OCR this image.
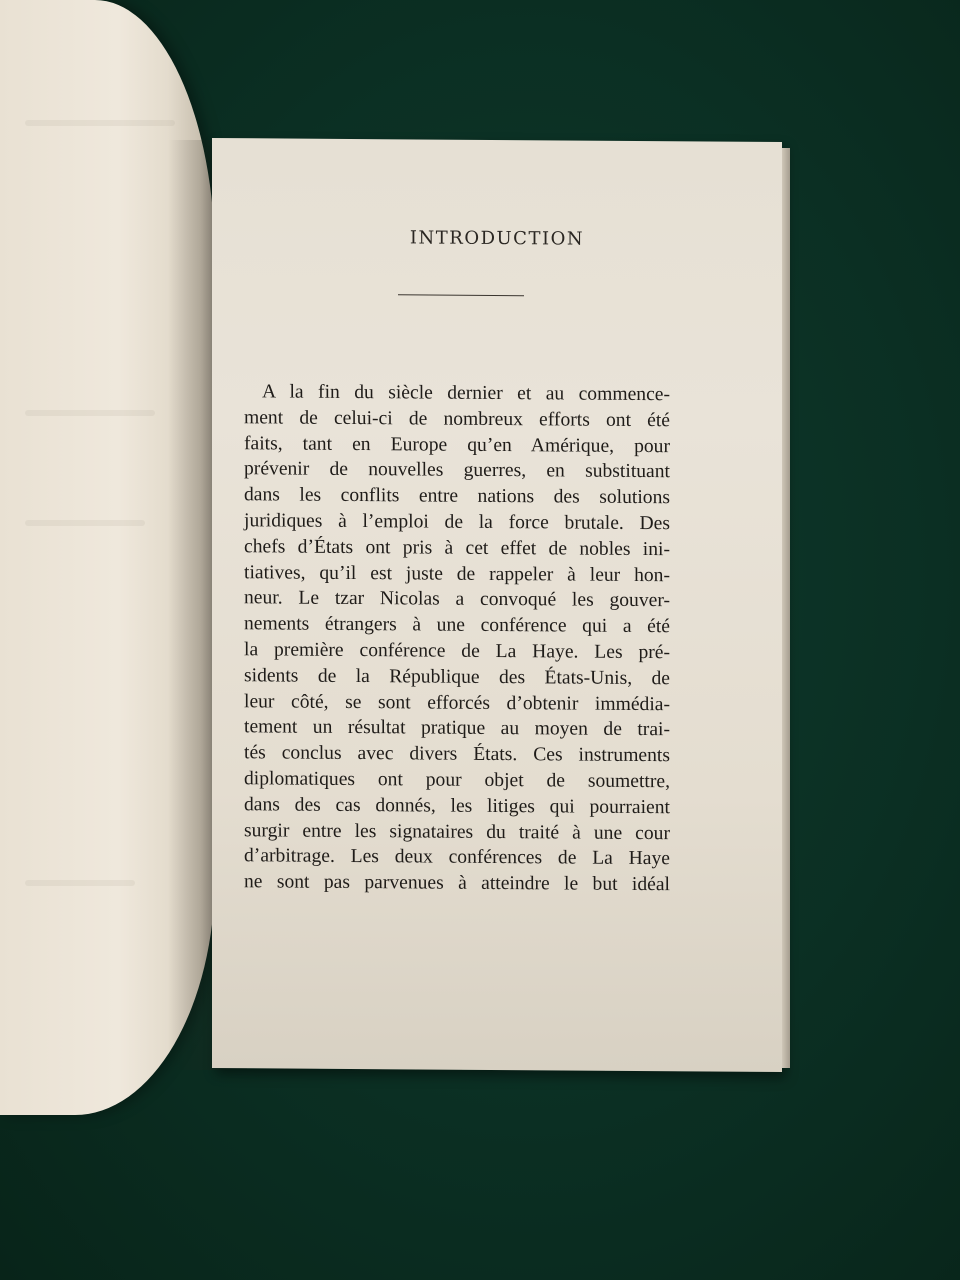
INTRODUCTION
A la fin du siècle dernier et au commence-
ment de celui-ci de nombreux efforts ont été
faits, tant en Europe qu’en Amérique, pour
prévenir de nouvelles guerres, en substituant
dans les conflits entre nations des solutions
juridiques à l’emploi de la force brutale. Des
chefs d’États ont pris à cet effet de nobles ini-
tiatives, qu’il est juste de rappeler à leur hon-
neur. Le tzar Nicolas a convoqué les gouver-
nements étrangers à une conférence qui a été
la première conférence de La Haye. Les pré-
sidents de la République des États-Unis, de
leur côté, se sont efforcés d’obtenir immédia-
tement un résultat pratique au moyen de trai-
tés conclus avec divers États. Ces instruments
diplomatiques ont pour objet de soumettre,
dans des cas donnés, les litiges qui pourraient
surgir entre les signataires du traité à une cour
d’arbitrage. Les deux conférences de La Haye
ne sont pas parvenues à atteindre le but idéal
